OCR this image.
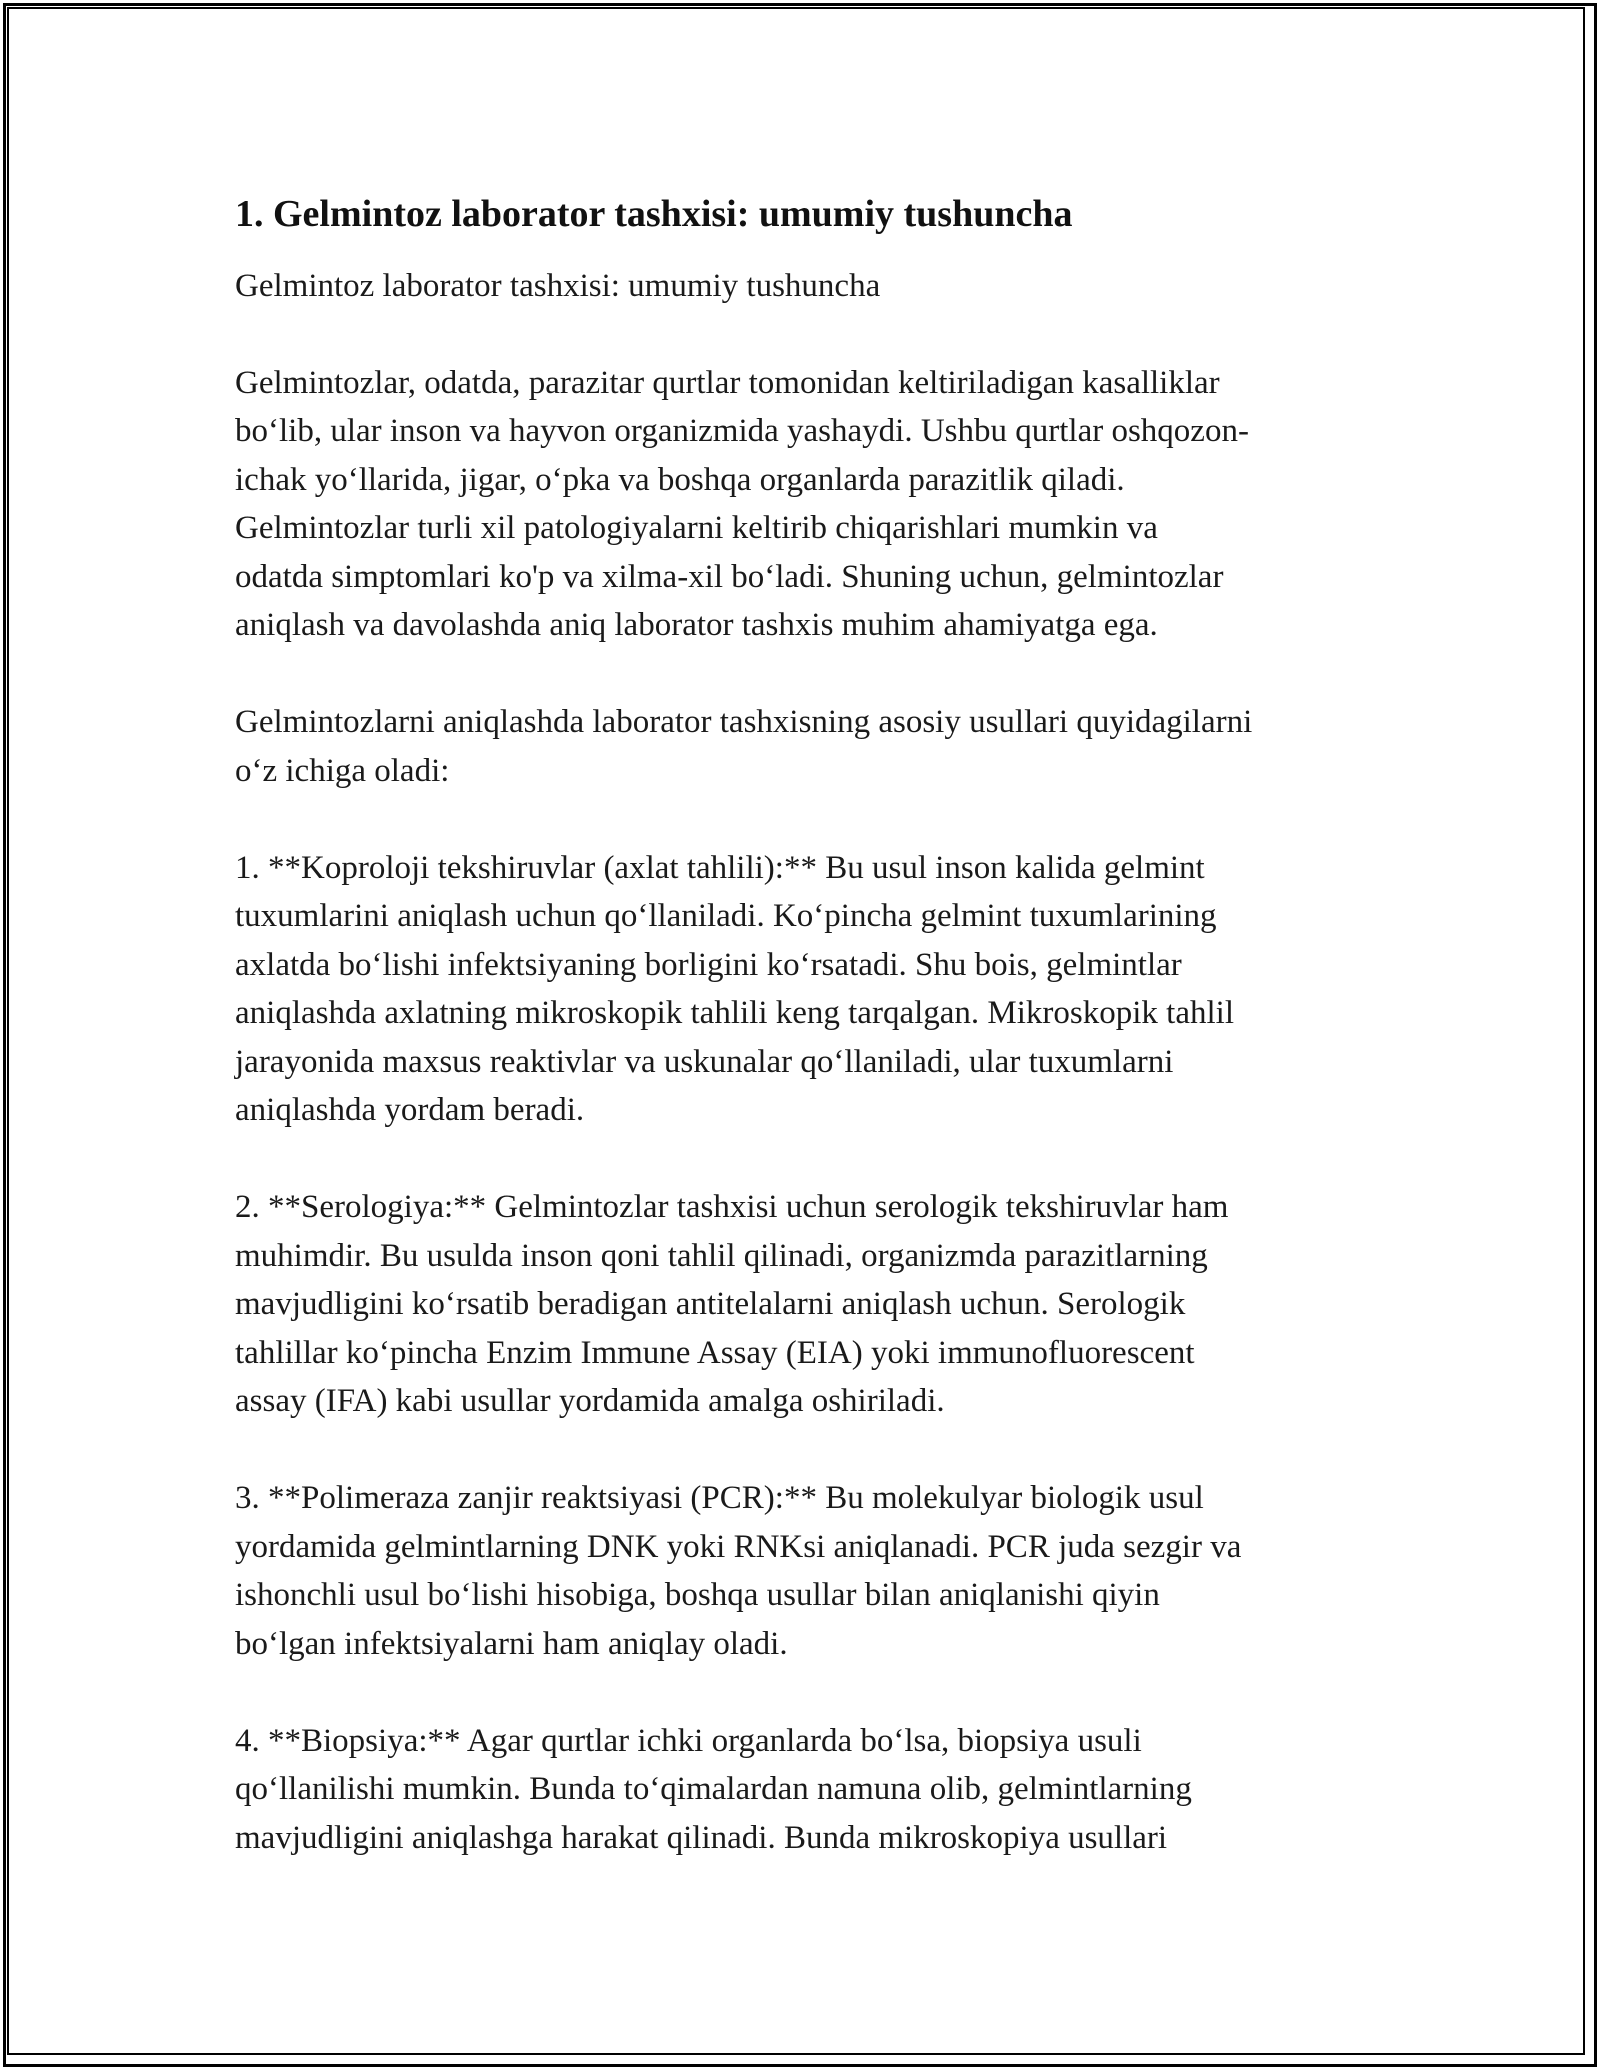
1. Gelmintoz laborator tashxisi: umumiy tushuncha

Gelmintoz laborator tashxisi: umumiy tushuncha

Gelmintozlar, odatda, parazitar qurtlar tomonidan keltiriladigan kasalliklar
bo‘lib, ular inson va hayvon organizmida yashaydi. Ushbu qurtlar oshqozon-
ichak yo‘llarida, jigar, o‘pka va boshqa organlarda parazitlik qiladi.
Gelmintozlar turli xil patologiyalarni keltirib chiqarishlari mumkin va
odatda simptomlari ko'p va xilma-xil bo‘ladi. Shuning uchun, gelmintozlar
aniqlash va davolashda aniq laborator tashxis muhim ahamiyatga ega.

Gelmintozlarni aniqlashda laborator tashxisning asosiy usullari quyidagilarni
o‘z ichiga oladi:

1. **Koproloji tekshiruvlar (axlat tahlili):** Bu usul inson kalida gelmint
tuxumlarini aniqlash uchun qo‘llaniladi. Ko‘pincha gelmint tuxumlarining
axlatda bo‘lishi infektsiyaning borligini ko‘rsatadi. Shu bois, gelmintlar
aniqlashda axlatning mikroskopik tahlili keng tarqalgan. Mikroskopik tahlil
jarayonida maxsus reaktivlar va uskunalar qo‘llaniladi, ular tuxumlarni
aniqlashda yordam beradi.

2. **Serologiya:** Gelmintozlar tashxisi uchun serologik tekshiruvlar ham
muhimdir. Bu usulda inson qoni tahlil qilinadi, organizmda parazitlarning
mavjudligini ko‘rsatib beradigan antitelalarni aniqlash uchun. Serologik
tahlillar ko‘pincha Enzim Immune Assay (EIA) yoki immunofluorescent
assay (IFA) kabi usullar yordamida amalga oshiriladi.

3. **Polimeraza zanjir reaktsiyasi (PCR):** Bu molekulyar biologik usul
yordamida gelmintlarning DNK yoki RNKsi aniqlanadi. PCR juda sezgir va
ishonchli usul bo‘lishi hisobiga, boshqa usullar bilan aniqlanishi qiyin
bo‘lgan infektsiyalarni ham aniqlay oladi.

4. **Biopsiya:** Agar qurtlar ichki organlarda bo‘lsa, biopsiya usuli
qo‘llanilishi mumkin. Bunda to‘qimalardan namuna olib, gelmintlarning
mavjudligini aniqlashga harakat qilinadi. Bunda mikroskopiya usullari
